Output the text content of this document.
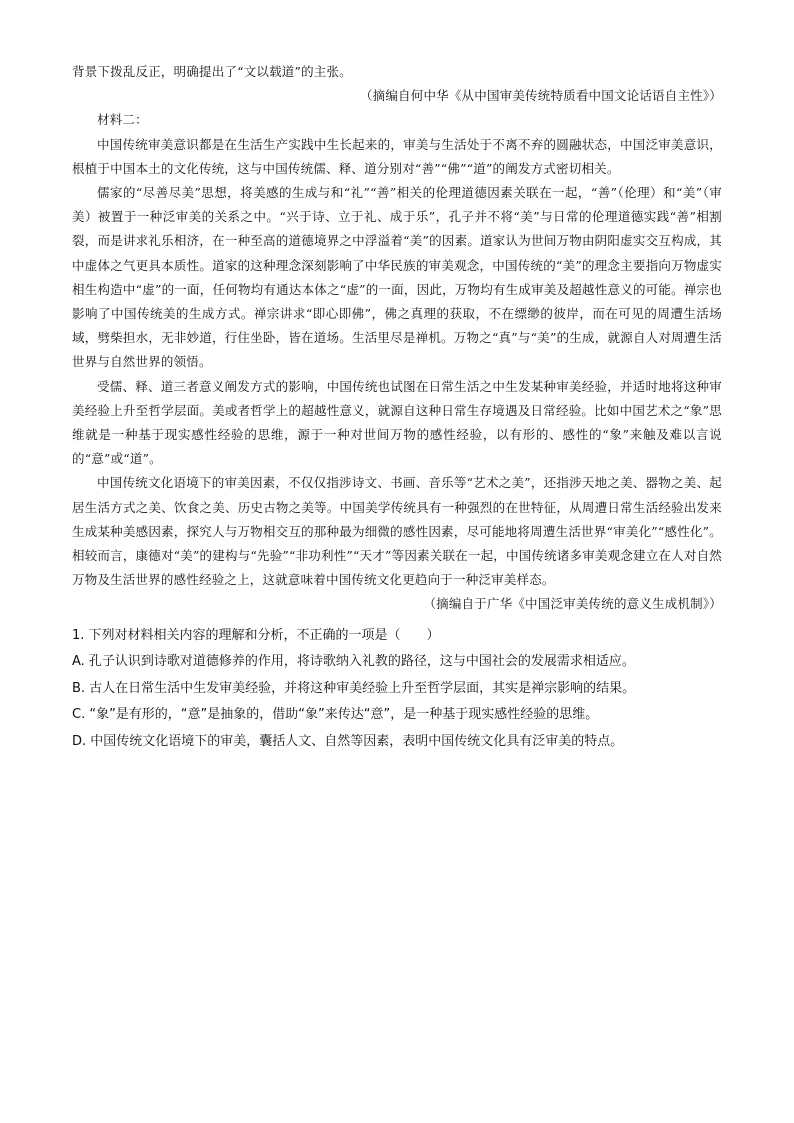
背景下拨乱反正，明确提出了“文以载道”的主张。

（摘编自何中华《从中国审美传统特质看中国文论话语自主性》）

材料二：

中国传统审美意识都是在生活生产实践中生长起来的，审美与生活处于不离不弃的圆融状态，中国泛审美意识，根植于中国本土的文化传统，这与中国传统儒、释、道分别对“善”“佛”“道”的阐发方式密切相关。

儒家的“尽善尽美”思想，将美感的生成与和“礼”“善”相关的伦理道德因素关联在一起，“善”（伦理）和“美”（审美）被置于一种泛审美的关系之中。“兴于诗、立于礼、成于乐”，孔子并不将“美”与日常的伦理道德实践“善”相割裂，而是讲求礼乐相济，在一种至高的道德境界之中浮溢着“美”的因素。道家认为世间万物由阴阳虚实交互构成，其中虚体之气更具本质性。道家的这种理念深刻影响了中华民族的审美观念，中国传统的“美”的理念主要指向万物虚实相生构造中“虚”的一面，任何物均有通达本体之“虚”的一面，因此，万物均有生成审美及超越性意义的可能。禅宗也影响了中国传统美的生成方式。禅宗讲求“即心即佛”，佛之真理的获取，不在缥缈的彼岸，而在可见的周遭生活场域，劈柴担水，无非妙道，行住坐卧，皆在道场。生活里尽是禅机。万物之“真”与“美”的生成，就源自人对周遭生活世界与自然世界的领悟。

受儒、释、道三者意义阐发方式的影响，中国传统也试图在日常生活之中生发某种审美经验，并适时地将这种审美经验上升至哲学层面。美或者哲学上的超越性意义，就源自这种日常生存境遇及日常经验。比如中国艺术之“象”思维就是一种基于现实感性经验的思维，源于一种对世间万物的感性经验，以有形的、感性的“象”来触及难以言说的“意”或“道”。

中国传统文化语境下的审美因素，不仅仅指涉诗文、书画、音乐等“艺术之美”，还指涉天地之美、器物之美、起居生活方式之美、饮食之美、历史古物之美等。中国美学传统具有一种强烈的在世特征，从周遭日常生活经验出发来生成某种美感因素，探究人与万物相交互的那种最为细微的感性因素，尽可能地将周遭生活世界“审美化”“感性化”。相较而言，康德对“美”的建构与“先验”“非功利性”“天才”等因素关联在一起，中国传统诸多审美观念建立在人对自然万物及生活世界的感性经验之上，这就意味着中国传统文化更趋向于一种泛审美样态。

（摘编自于广华《中国泛审美传统的意义生成机制》）

1. 下列对材料相关内容的理解和分析，不正确的一项是（　　）

A. 孔子认识到诗歌对道德修养的作用，将诗歌纳入礼教的路径，这与中国社会的发展需求相适应。

B. 古人在日常生活中生发审美经验，并将这种审美经验上升至哲学层面，其实是禅宗影响的结果。

C. “象”是有形的，“意”是抽象的，借助“象”来传达“意”，是一种基于现实感性经验的思维。

D. 中国传统文化语境下的审美，囊括人文、自然等因素，表明中国传统文化具有泛审美的特点。
